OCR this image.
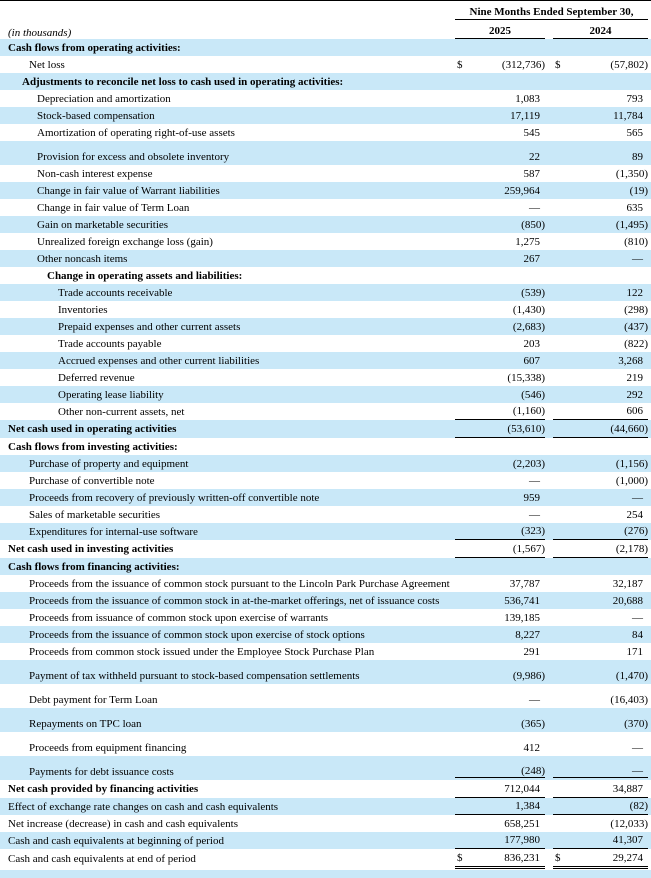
Nine Months Ended September 30,
(in thousands)	2025	2024
Cash flows from operating activities:
Net loss	$	(312,736) $	(57,802)
Adjustments to reconcile net loss to cash used in operating activities:
Depreciation and amortization	1,083	793
Stock-based compensation	17,119	11,784
Amortization of operating right-of-use assets	545	565
Provision for excess and obsolete inventory	22	89
Non-cash interest expense	587	(1,350)
Change in fair value of Warrant liabilities	259,964	(19)
Change in fair value of Term Loan	—	635
Gain on marketable securities	(850)	(1,495)
Unrealized foreign exchange loss (gain)	1,275	(810)
Other noncash items	267	—
Change in operating assets and liabilities:
Trade accounts receivable	(539)	122
Inventories	(1,430)	(298)
Prepaid expenses and other current assets	(2,683)	(437)
Trade accounts payable	203	(822)
Accrued expenses and other current liabilities	607	3,268
Deferred revenue	(15,338)	219
Operating lease liability	(546)	292
Other non-current assets, net	(1,160)	606
Net cash used in operating activities	(53,610)	(44,660)
Cash flows from investing activities:
Purchase of property and equipment	(2,203)	(1,156)
Purchase of convertible note	—	(1,000)
Proceeds from recovery of previously written-off convertible note	959	—
Sales of marketable securities	—	254
Expenditures for internal-use software	(323)	(276)
Net cash used in investing activities	(1,567)	(2,178)
Cash flows from financing activities:
Proceeds from the issuance of common stock pursuant to the Lincoln Park Purchase Agreement	37,787	32,187
Proceeds from the issuance of common stock in at-the-market offerings, net of issuance costs	536,741	20,688
Proceeds from issuance of common stock upon exercise of warrants	139,185	—
Proceeds from the issuance of common stock upon exercise of stock options	8,227	84
Proceeds from common stock issued under the Employee Stock Purchase Plan	291	171
Payment of tax withheld pursuant to stock-based compensation settlements	(9,986)	(1,470)
Debt payment for Term Loan	—	(16,403)
Repayments on TPC loan	(365)	(370)
Proceeds from equipment financing	412	—
Payments for debt issuance costs	(248)	—
Net cash provided by financing activities	712,044	34,887
Effect of exchange rate changes on cash and cash equivalents	1,384	(82)
Net increase (decrease) in cash and cash equivalents	658,251	(12,033)
Cash and cash equivalents at beginning of period	177,980	41,307
Cash and cash equivalents at end of period	$	836,231	$	29,274
